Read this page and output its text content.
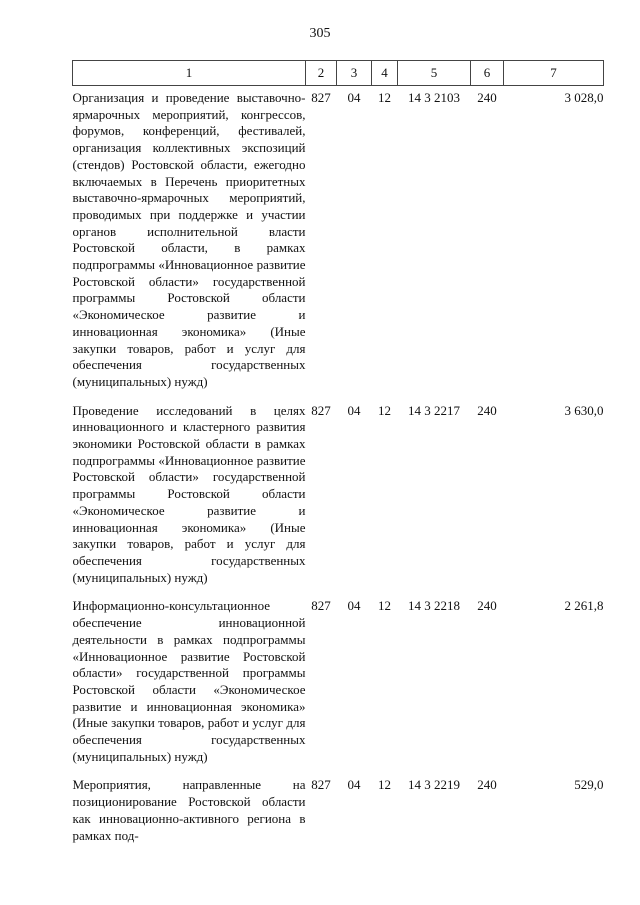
305
1	2	3	4	5	6	7
Организация и проведение выставочно-ярмарочных мероприятий, конгрессов, форумов, конференций, фестивалей, организация коллективных экспозиций (стендов) Ростовской области, ежегодно включаемых в Перечень приоритетных выставочно-ярмарочных мероприятий, проводимых при поддержке и участии органов исполнительной власти Ростовской области, в рамках подпрограммы «Инновационное развитие Ростовской области» государственной программы Ростовской области «Экономическое развитие и инновационная экономика» (Иные закупки товаров, работ и услуг для обеспечения государственных (муниципальных) нужд)	827	04	12	14 3 2103	240	3 028,0
Проведение исследований в целях инновационного и кластерного развития экономики Ростовской области в рамках подпрограммы «Инновационное развитие Ростовской области» государственной программы Ростовской области «Экономическое развитие и инновационная экономика» (Иные закупки товаров, работ и услуг для обеспечения государственных (муниципальных) нужд)	827	04	12	14 3 2217	240	3 630,0
Информационно-консультационное обеспечение инновационной деятельности в рамках подпрограммы «Инновационное развитие Ростовской области» государственной программы Ростовской области «Экономическое развитие и инновационная экономика» (Иные закупки товаров, работ и услуг для обеспечения государственных (муниципальных) нужд)	827	04	12	14 3 2218	240	2 261,8
Мероприятия, направленные на позиционирование Ростовской области как инновационно-активного региона в рамках под-	827	04	12	14 3 2219	240	529,0
